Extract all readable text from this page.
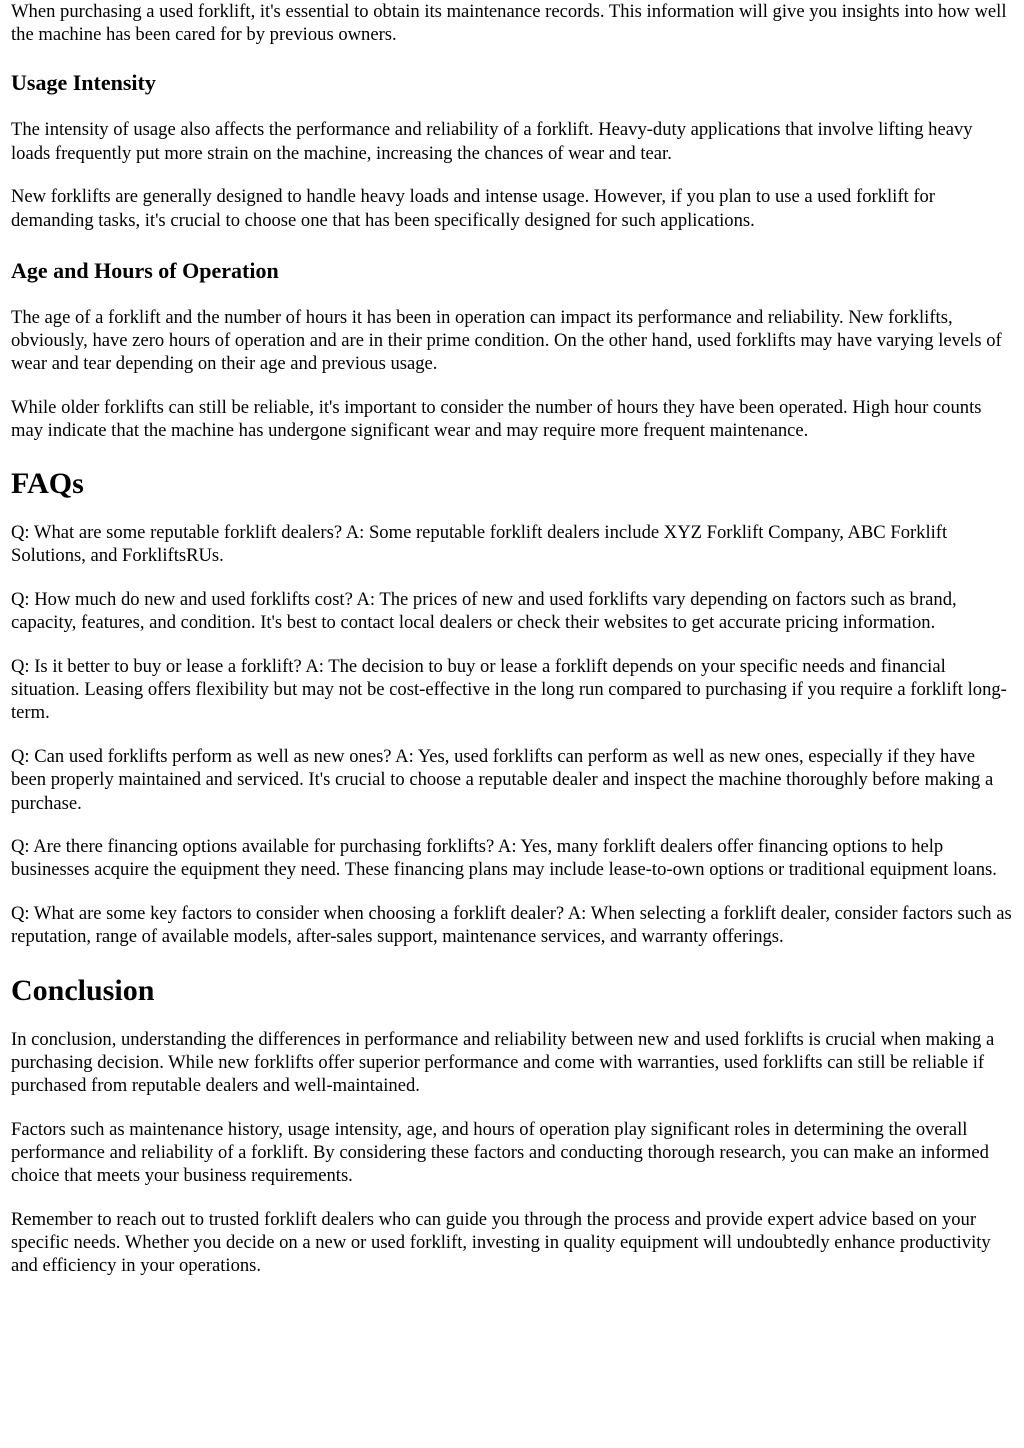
When purchasing a used forklift, it's essential to obtain its maintenance records. This information will give you insights into how well the machine has been cared for by previous owners.

Usage Intensity

The intensity of usage also affects the performance and reliability of a forklift. Heavy-duty applications that involve lifting heavy loads frequently put more strain on the machine, increasing the chances of wear and tear.

New forklifts are generally designed to handle heavy loads and intense usage. However, if you plan to use a used forklift for demanding tasks, it's crucial to choose one that has been specifically designed for such applications.

Age and Hours of Operation

The age of a forklift and the number of hours it has been in operation can impact its performance and reliability. New forklifts, obviously, have zero hours of operation and are in their prime condition. On the other hand, used forklifts may have varying levels of wear and tear depending on their age and previous usage.

While older forklifts can still be reliable, it's important to consider the number of hours they have been operated. High hour counts may indicate that the machine has undergone significant wear and may require more frequent maintenance.

FAQs

Q: What are some reputable forklift dealers? A: Some reputable forklift dealers include XYZ Forklift Company, ABC Forklift Solutions, and ForkliftsRUs.

Q: How much do new and used forklifts cost? A: The prices of new and used forklifts vary depending on factors such as brand, capacity, features, and condition. It's best to contact local dealers or check their websites to get accurate pricing information.

Q: Is it better to buy or lease a forklift? A: The decision to buy or lease a forklift depends on your specific needs and financial situation. Leasing offers flexibility but may not be cost-effective in the long run compared to purchasing if you require a forklift long-term.

Q: Can used forklifts perform as well as new ones? A: Yes, used forklifts can perform as well as new ones, especially if they have been properly maintained and serviced. It's crucial to choose a reputable dealer and inspect the machine thoroughly before making a purchase.

Q: Are there financing options available for purchasing forklifts? A: Yes, many forklift dealers offer financing options to help businesses acquire the equipment they need. These financing plans may include lease-to-own options or traditional equipment loans.

Q: What are some key factors to consider when choosing a forklift dealer? A: When selecting a forklift dealer, consider factors such as reputation, range of available models, after-sales support, maintenance services, and warranty offerings.

Conclusion

In conclusion, understanding the differences in performance and reliability between new and used forklifts is crucial when making a purchasing decision. While new forklifts offer superior performance and come with warranties, used forklifts can still be reliable if purchased from reputable dealers and well-maintained.

Factors such as maintenance history, usage intensity, age, and hours of operation play significant roles in determining the overall performance and reliability of a forklift. By considering these factors and conducting thorough research, you can make an informed choice that meets your business requirements.

Remember to reach out to trusted forklift dealers who can guide you through the process and provide expert advice based on your specific needs. Whether you decide on a new or used forklift, investing in quality equipment will undoubtedly enhance productivity and efficiency in your operations.
